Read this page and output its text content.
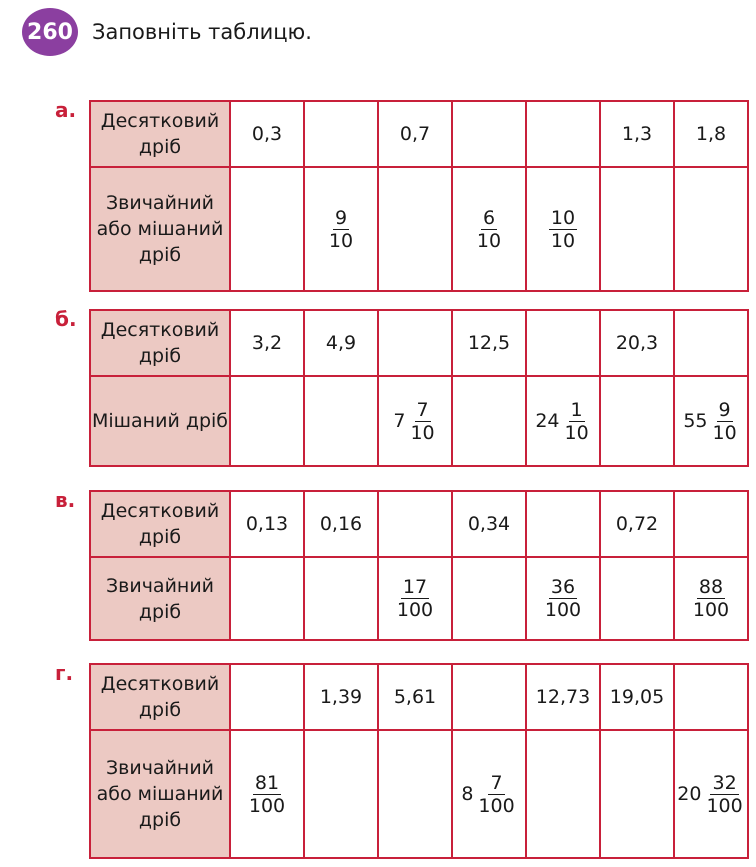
260 Заповніть таблицю.
а. Десятковий дріб	0,3		0,7			1,3	1,8
Звичайний або мішаний дріб		$\frac{9}{10}$		$\frac{6}{10}$	$\frac{10}{10}$

б. Десятковий дріб	3,2	4,9		12,5		20,3	
Мішаний дріб			$7 \frac{7}{10}$		$24 \frac{1}{10}$		$55 \frac{9}{10}$
в. Десятковий дріб	0,13	0,16		0,34		0,72	
Звичайний дріб			$\frac{17}{100}$		$\frac{36}{100}$		$\frac{88}{100}$
г. Десятковий дріб		1,39	5,61		12,73	19,05	
Звичайний або мішаний дріб	$\frac{81}{100}$			$8 \frac{7}{100}$			$20 \frac{32}{100}$
